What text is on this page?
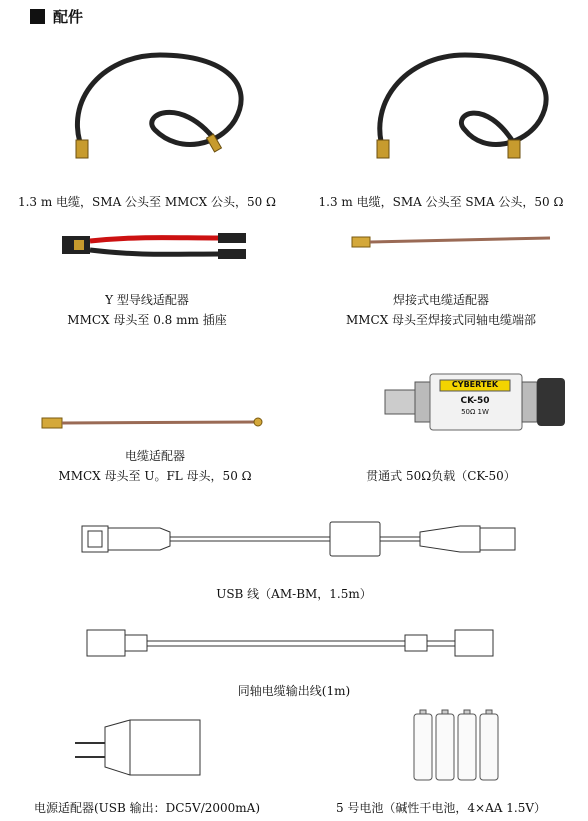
配件
1.3 m 电缆，SMA 公头至 MMCX 公头，50 Ω	1.3 m 电缆，SMA 公头至 SMA 公头，50 Ω
Y 型导线适配器
MMCX 母头至 0.8 mm 插座
焊接式电缆适配器
MMCX 母头至焊接式同轴电缆端部
电缆适配器
MMCX 母头至 U。FL 母头，50 Ω
CYBERTEK
CK-50
50Ω 1W
贯通式 50Ω负载（CK-50）
USB 线（AM-BM，1.5m）
同轴电缆输出线(1m)
电源适配器(USB 输出：DC5V/2000mA)	5 号电池（碱性干电池，4×AA 1.5V）
